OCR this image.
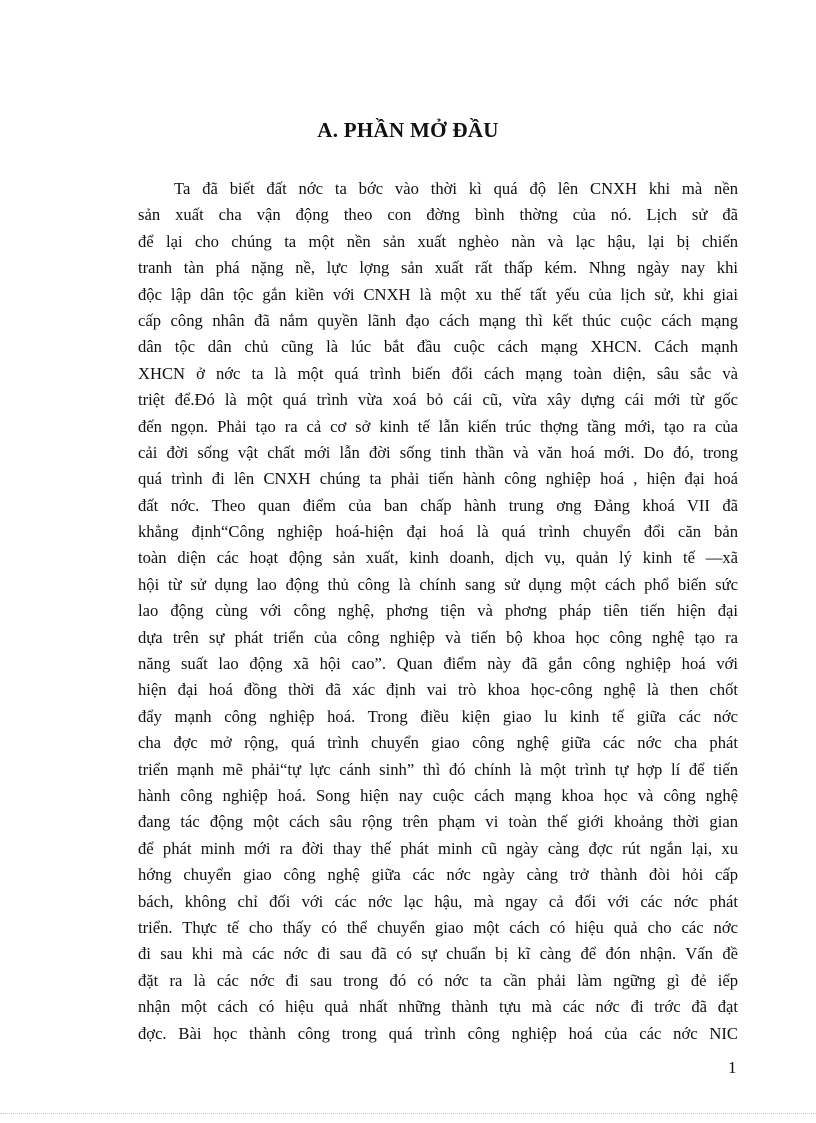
A. PHẦN MỞ ĐẦU
Ta đã biết đất nớc ta bớc vào thời kì quá độ lên CNXH khi mà nền
sản xuất cha vận động theo con đờng bình thờng của nó. Lịch sử đã
để lại cho chúng ta một nền sản xuất nghèo nàn và lạc hậu, lại bị chiến
tranh tàn phá nặng nề, lực lợng sản xuất rất thấp kém. Nhng ngày nay khi
độc lập dân tộc gắn kiền với CNXH là một xu thế tất yếu của lịch sử, khi giai
cấp công nhân đã nắm quyền lãnh đạo cách mạng thì kết thúc cuộc cách mạng
dân tộc dân chủ cũng là lúc bắt đầu cuộc cách mạng XHCN. Cách mạnh
XHCN ở nớc ta là một quá trình biến đổi cách mạng toàn diện, sâu sắc và
triệt để.Đó là một quá trình vừa xoá bỏ cái cũ, vừa xây dựng cái mới từ gốc
đến ngọn. Phải tạo ra cả cơ sở kinh tế lẫn kiến trúc thợng tầng mới, tạo ra của
cải đời sống vật chất mới lẫn đời sống tinh thần và văn hoá mới. Do đó, trong
quá trình đi lên CNXH chúng ta phải tiến hành công nghiệp hoá , hiện đại hoá
đất nớc. Theo quan điểm của ban chấp hành trung ơng Đảng khoá VII đã
khẳng định“Công nghiệp hoá-hiện đại hoá là quá trình chuyển đổi căn bản
toàn diện các hoạt động sản xuất, kinh doanh, dịch vụ, quản lý kinh tế —xã
hội từ sử dụng lao động thủ công là chính sang sử dụng một cách phổ biến sức
lao động cùng với công nghệ, phơng tiện và phơng pháp tiên tiến hiện đại
dựa trên sự phát triển của công nghiệp và tiến bộ khoa học công nghệ tạo ra
năng suất lao động xã hội cao”. Quan điểm này đã gắn công nghiệp hoá với
hiện đại hoá đồng thời đã xác định vai trò khoa học-công nghệ là then chốt
đẩy mạnh công nghiệp hoá. Trong điều kiện giao lu kinh tế giữa các nớc
cha đợc mở rộng, quá trình chuyển giao công nghệ giữa các nớc cha phát
triển mạnh mẽ phải“tự lực cánh sinh” thì đó chính là một trình tự hợp lí để tiến
hành công nghiệp hoá. Song hiện nay cuộc cách mạng khoa học và công nghệ
đang tác động một cách sâu rộng trên phạm vi toàn thế giới khoảng thời gian
để phát minh mới ra đời thay thế phát minh cũ ngày càng đợc rút ngắn lại, xu
hớng chuyển giao công nghệ giữa các nớc ngày càng trở thành đòi hỏi cấp
bách, không chỉ đối với các nớc lạc hậu, mà ngay cả đối với các nớc phát
triển. Thực tế cho thấy có thể chuyển giao một cách có hiệu quả cho các nớc
đi sau khi mà các nớc đi sau đã có sự chuẩn bị kĩ càng để đón nhận. Vấn đề
đặt ra là các nớc đi sau trong đó có nớc ta cần phải làm ngững gì đẻ iếp
nhận một cách có hiệu quả nhất những thành tựu mà các nớc đi trớc đã đạt
đợc. Bài học thành công trong quá trình công nghiệp hoá của các nớc NIC
1
